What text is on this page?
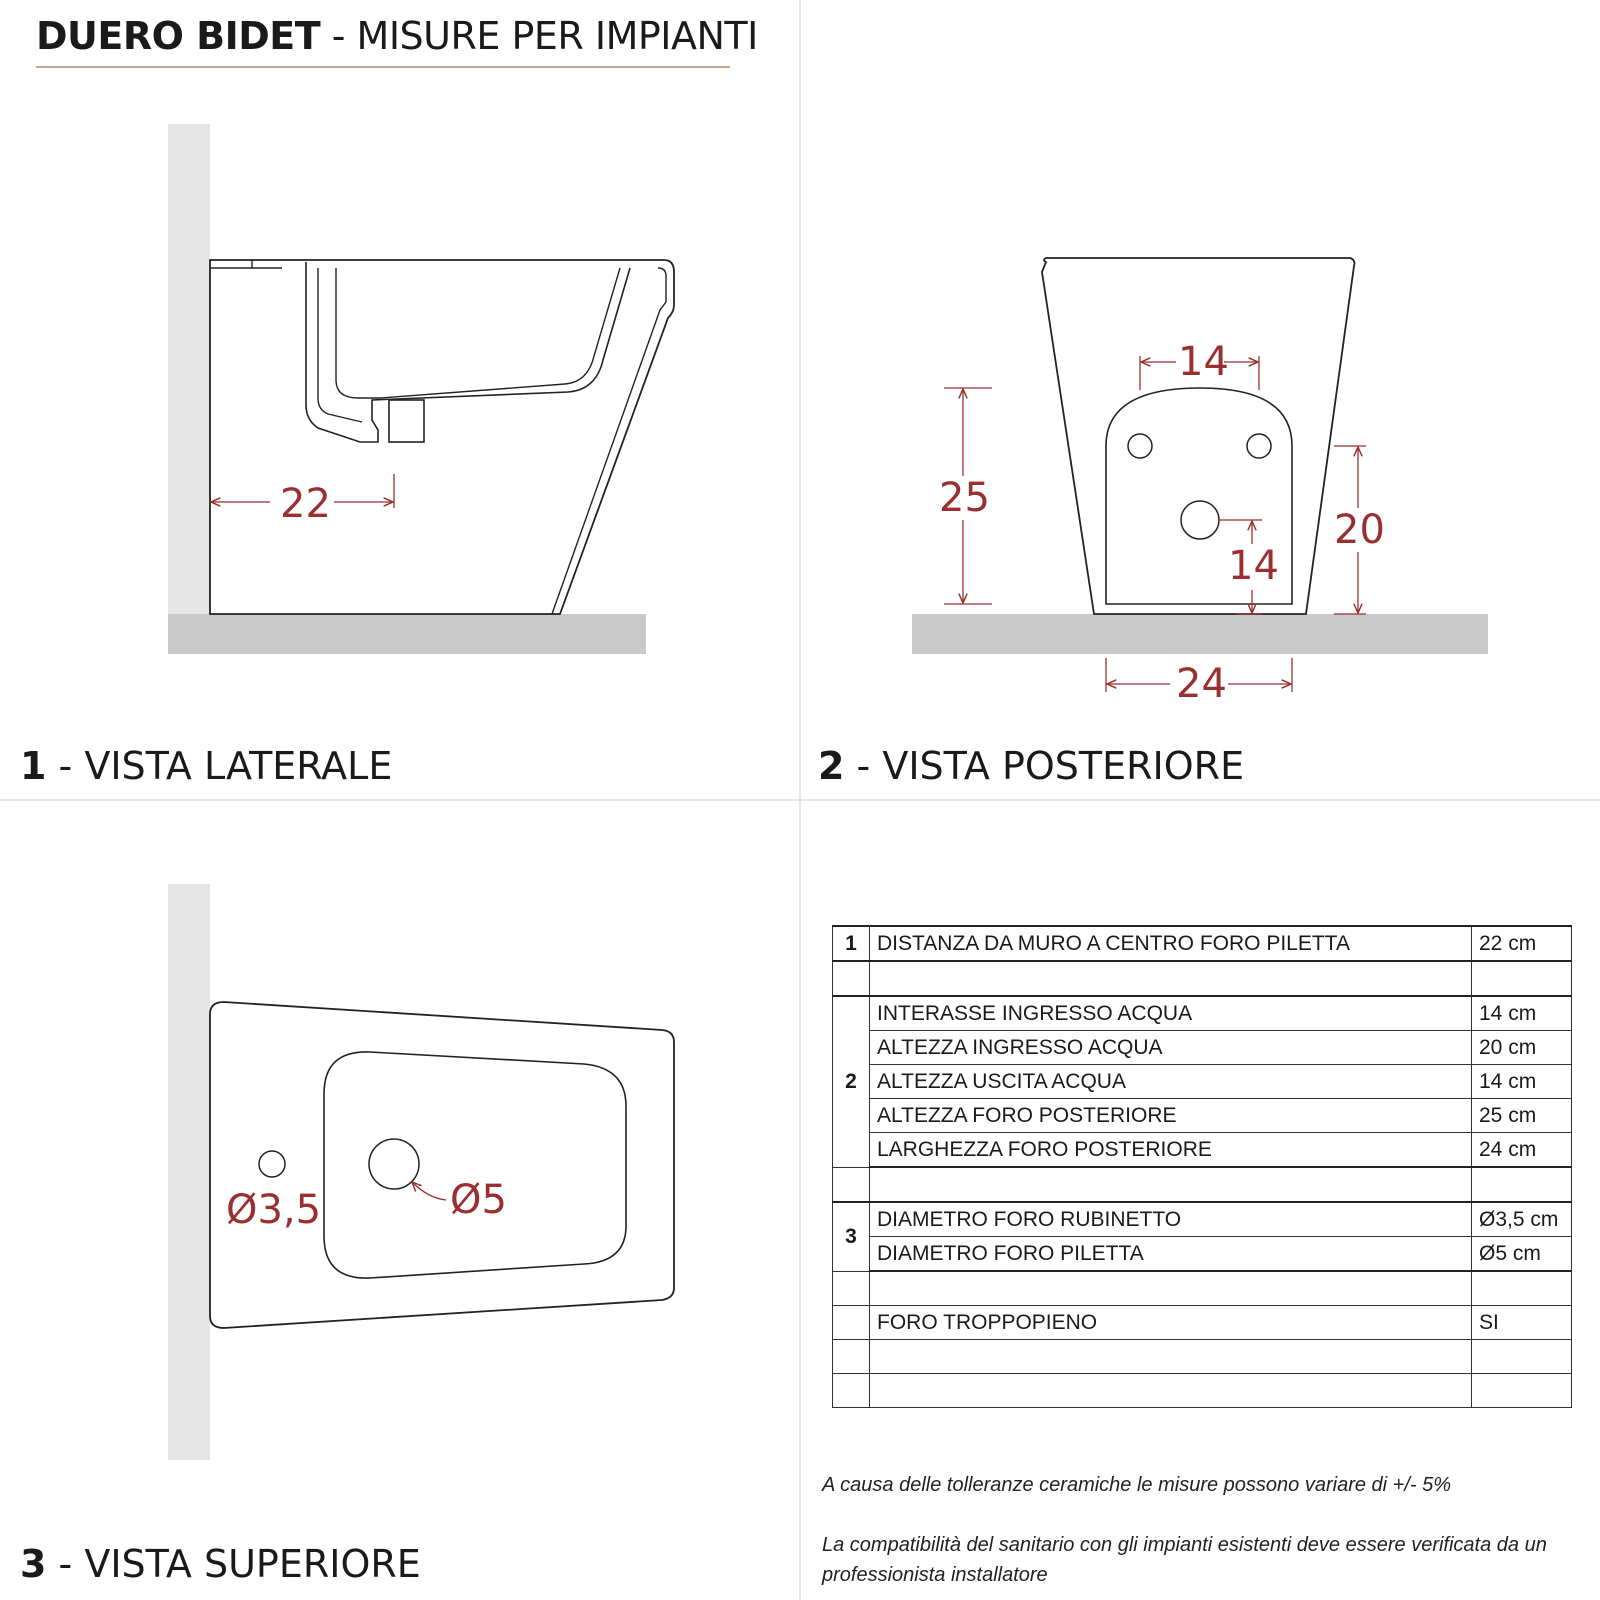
DUERO BIDET - MISURE PER IMPIANTI
22
14
25
20
14
24
Ø3,5	Ø5
1 - VISTA LATERALE	2 - VISTA POSTERIORE
3 - VISTA SUPERIORE
1	DISTANZA DA MURO A CENTRO FORO PILETTA	22 cm

2	INTERASSE INGRESSO ACQUA	14 cm
	ALTEZZA INGRESSO ACQUA	20 cm
	ALTEZZA USCITA ACQUA	14 cm
	ALTEZZA FORO POSTERIORE	25 cm
	LARGHEZZA FORO POSTERIORE	24 cm

3	DIAMETRO FORO RUBINETTO	Ø3,5 cm
	DIAMETRO FORO PILETTA	Ø5 cm

	FORO TROPPOPIENO	SI

A causa delle tolleranze ceramiche le misure possono variare di +/- 5%
La compatibilità del sanitario con gli impianti esistenti deve essere verificata da un professionista installatore
